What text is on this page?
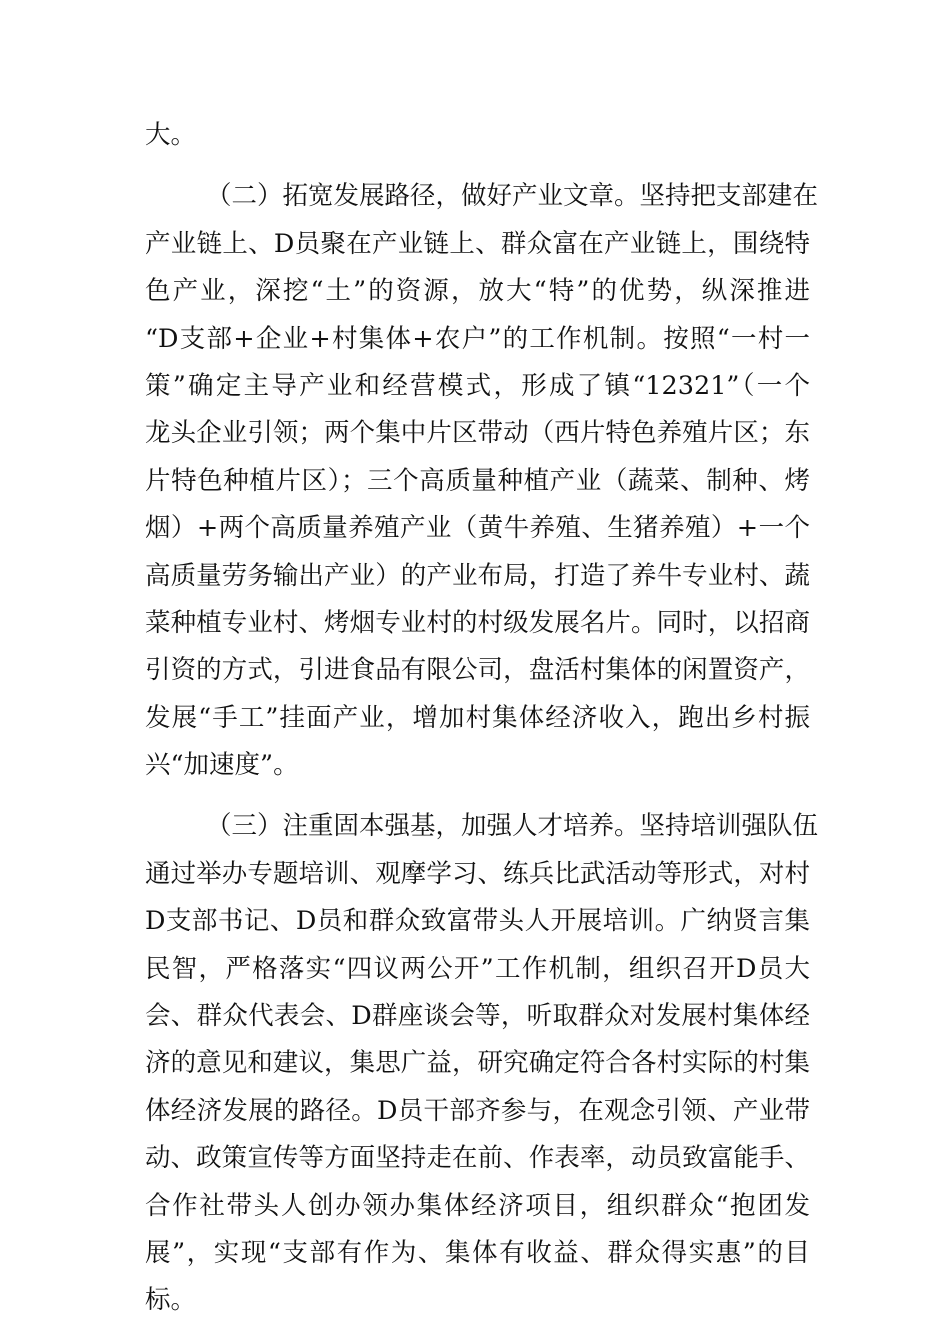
大。
（二）拓宽发展路径，做好产业文章。坚持把支部建在
产业链上、D员聚在产业链上、群众富在产业链上，围绕特
色产业，深挖“土”的资源，放大“特”的优势，纵深推进
“D支部+企业+村集体+农户”的工作机制。按照“一村一
策”确定主导产业和经营模式，形成了镇“12321”（一个
龙头企业引领；两个集中片区带动（西片特色养殖片区；东
片特色种植片区）；三个高质量种植产业（蔬菜、制种、烤
烟）+两个高质量养殖产业（黄牛养殖、生猪养殖）+一个
高质量劳务输出产业）的产业布局，打造了养牛专业村、蔬
菜种植专业村、烤烟专业村的村级发展名片。同时，以招商
引资的方式，引进食品有限公司，盘活村集体的闲置资产，
发展“手工”挂面产业，增加村集体经济收入，跑出乡村振
兴“加速度”。
（三）注重固本强基，加强人才培养。坚持培训强队伍
通过举办专题培训、观摩学习、练兵比武活动等形式，对村
D支部书记、D员和群众致富带头人开展培训。广纳贤言集
民智，严格落实“四议两公开”工作机制，组织召开D员大
会、群众代表会、D群座谈会等，听取群众对发展村集体经
济的意见和建议，集思广益，研究确定符合各村实际的村集
体经济发展的路径。D员干部齐参与，在观念引领、产业带
动、政策宣传等方面坚持走在前、作表率，动员致富能手、
合作社带头人创办领办集体经济项目，组织群众“抱团发
展”，实现“支部有作为、集体有收益、群众得实惠”的目
标。
